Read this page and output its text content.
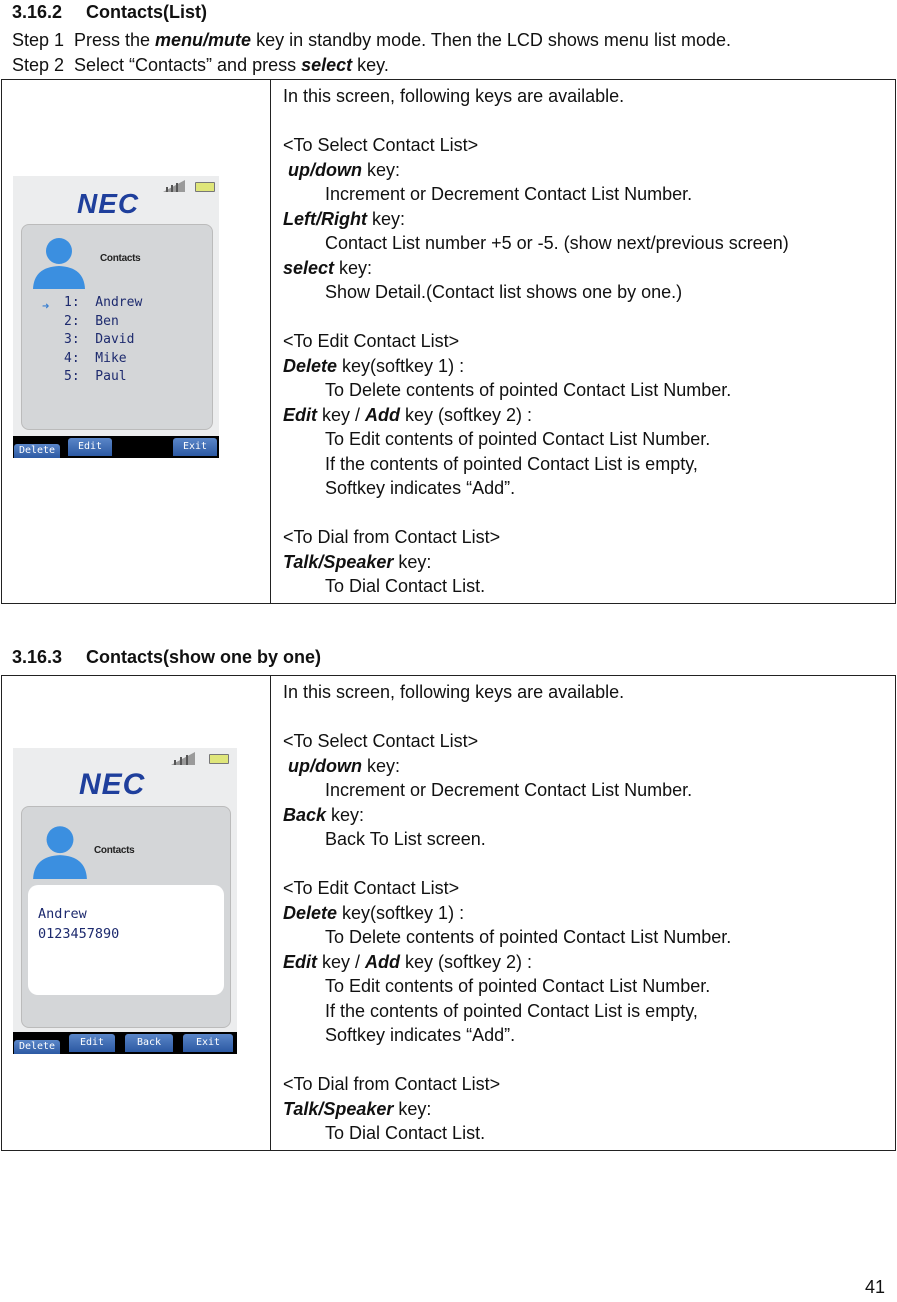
3.16.2 Contacts(List)
Step 1 Press the menu/mute key in standby mode. Then the LCD shows menu list mode.
Step 2 Select “Contacts” and press select key.
NEC
Contacts
➜ 1:  Andrew
2:  Ben
3:  David
4:  Mike
5:  Paul
Delete	Edit	Exit

In this screen, following keys are available.
<To Select Contact List>
up/down key:
Increment or Decrement Contact List Number.
Left/Right key:
Contact List number +5 or -5. (show next/previous screen)
select key:
Show Detail.(Contact list shows one by one.)
<To Edit Contact List>
Delete key(softkey 1) :
To Delete contents of pointed Contact List Number.
Edit key / Add key (softkey 2) :
To Edit contents of pointed Contact List Number.
If the contents of pointed Contact List is empty,
Softkey indicates “Add”.
<To Dial from Contact List>
Talk/Speaker key:
To Dial Contact List.
3.16.3 Contacts(show one by one)
NEC
Contacts
Andrew
0123457890
Delete	Edit	Back	Exit

In this screen, following keys are available.
<To Select Contact List>
up/down key:
Increment or Decrement Contact List Number.
Back key:
Back To List screen.
<To Edit Contact List>
Delete key(softkey 1) :
To Delete contents of pointed Contact List Number.
Edit key / Add key (softkey 2) :
To Edit contents of pointed Contact List Number.
If the contents of pointed Contact List is empty,
Softkey indicates “Add”.
<To Dial from Contact List>
Talk/Speaker key:
To Dial Contact List.
41
